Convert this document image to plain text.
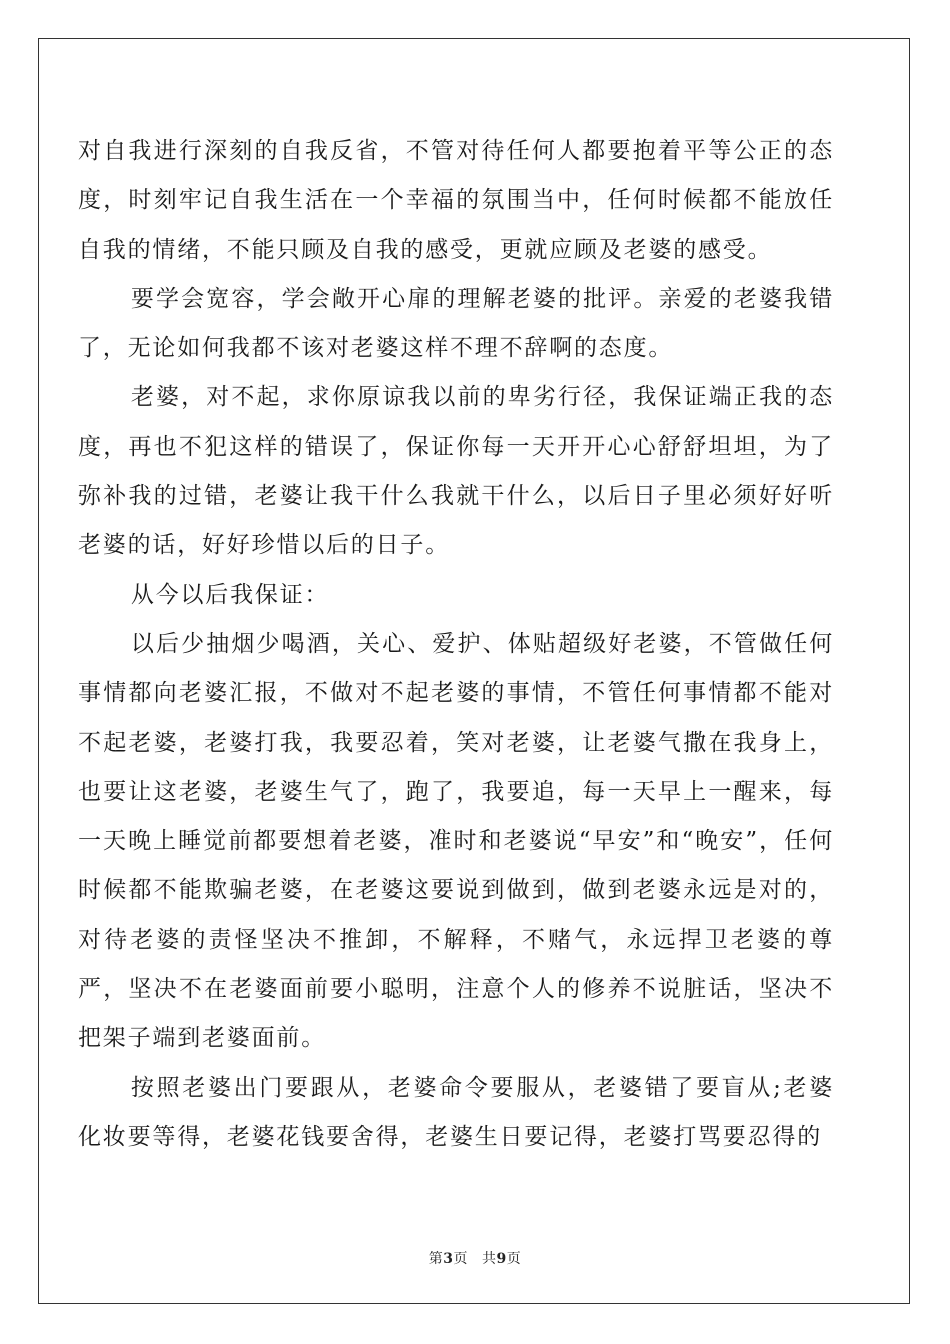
对自我进行深刻的自我反省，不管对待任何人都要抱着平等公正的态度，时刻牢记自我生活在一个幸福的氛围当中，任何时候都不能放任自我的情绪，不能只顾及自我的感受，更就应顾及老婆的感受。

要学会宽容，学会敞开心扉的理解老婆的批评。亲爱的老婆我错了，无论如何我都不该对老婆这样不理不辞啊的态度。

老婆，对不起，求你原谅我以前的卑劣行径，我保证端正我的态度，再也不犯这样的错误了，保证你每一天开开心心舒舒坦坦，为了弥补我的过错，老婆让我干什么我就干什么，以后日子里必须好好听老婆的话，好好珍惜以后的日子。

从今以后我保证：

以后少抽烟少喝酒，关心、爱护、体贴超级好老婆，不管做任何事情都向老婆汇报，不做对不起老婆的事情，不管任何事情都不能对不起老婆，老婆打我，我要忍着，笑对老婆，让老婆气撒在我身上，也要让这老婆，老婆生气了，跑了，我要追，每一天早上一醒来，每一天晚上睡觉前都要想着老婆，准时和老婆说“早安”和“晚安”，任何时候都不能欺骗老婆，在老婆这要说到做到，做到老婆永远是对的，对待老婆的责怪坚决不推卸，不解释，不赌气，永远捍卫老婆的尊严，坚决不在老婆面前要小聪明，注意个人的修养不说脏话，坚决不把架子端到老婆面前。

按照老婆出门要跟从，老婆命令要服从，老婆错了要盲从;老婆化妆要等得，老婆花钱要舍得，老婆生日要记得，老婆打骂要忍得的

第3页 共9页
